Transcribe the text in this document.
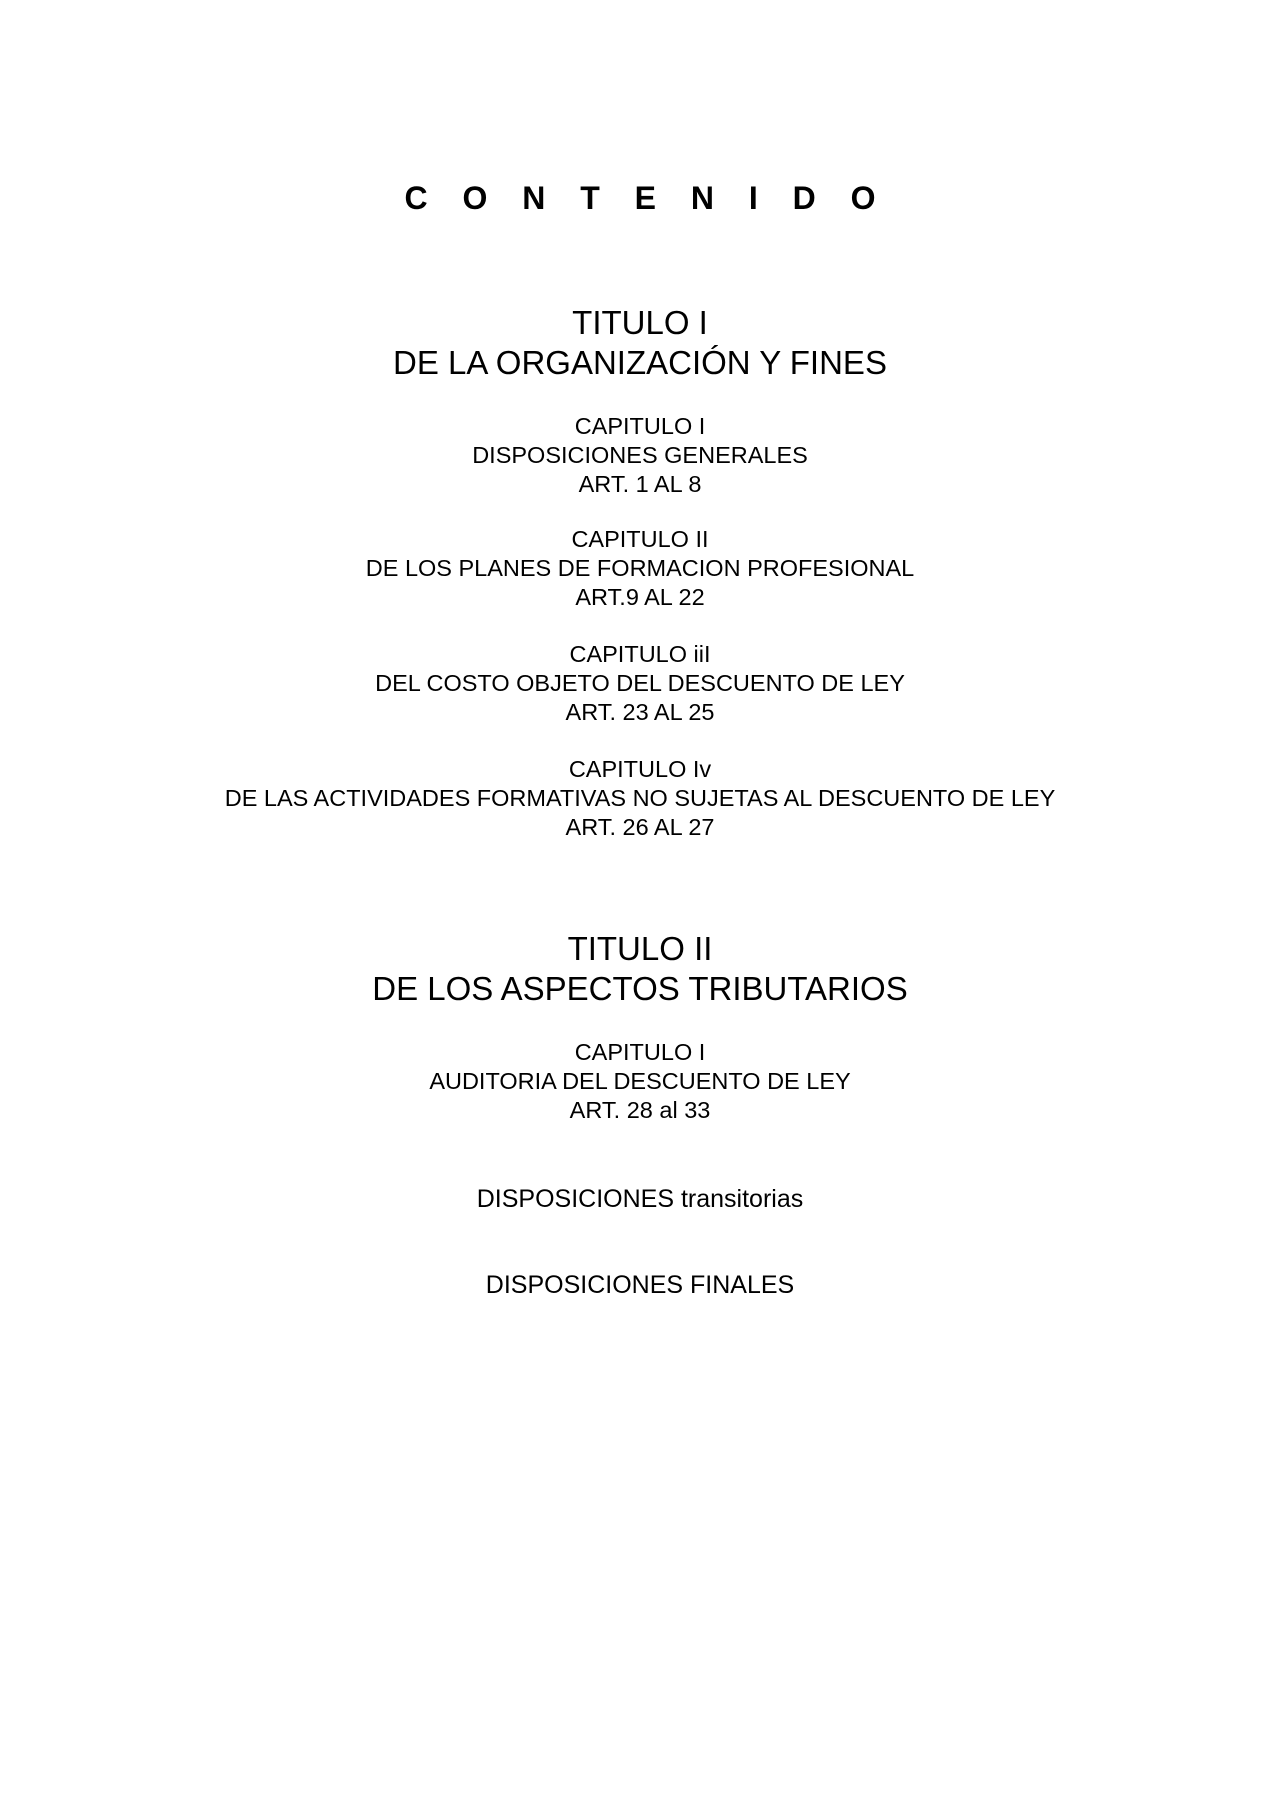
C O N T E N I D O
TITULO I
DE LA ORGANIZACIÓN Y FINES
CAPITULO I
DISPOSICIONES GENERALES
ART. 1 AL 8
CAPITULO II
DE LOS PLANES DE FORMACION PROFESIONAL
ART.9 AL 22
CAPITULO iiI
DEL COSTO OBJETO DEL DESCUENTO DE LEY
ART. 23 AL 25
CAPITULO Iv
DE LAS ACTIVIDADES FORMATIVAS NO SUJETAS AL DESCUENTO DE LEY
ART. 26 AL 27
TITULO II
DE LOS ASPECTOS TRIBUTARIOS
CAPITULO I
AUDITORIA DEL DESCUENTO DE LEY
ART. 28 al 33
DISPOSICIONES transitorias
DISPOSICIONES FINALES
